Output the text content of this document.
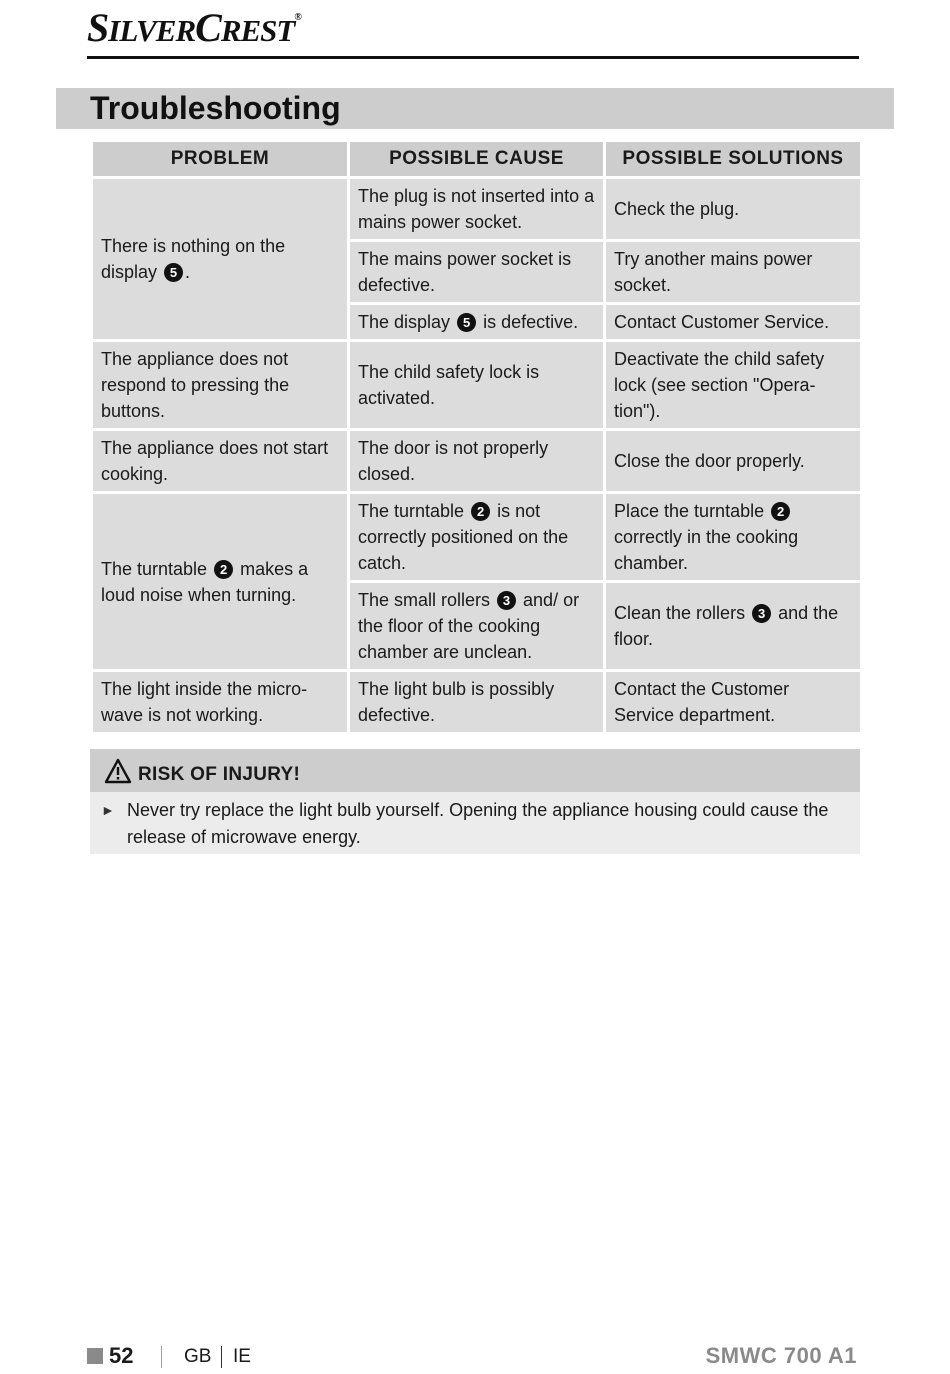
SILVERCREST®
Troubleshooting
PROBLEM	POSSIBLE CAUSE	POSSIBLE SOLUTIONS
There is nothing on the display 5 .	The plug is not inserted into a mains power socket.	Check the plug.
	The mains power socket is defective.	Try another mains power socket.
	The display 5 is defective.	Contact Customer Service.
The appliance does not respond to pressing the buttons.	The child safety lock is activated.	Deactivate the child safety lock (see section "Opera-tion").
The appliance does not start cooking.	The door is not properly closed.	Close the door properly.
The turntable 2 makes a loud noise when turning.	The turntable 2 is not correctly positioned on the catch.	Place the turntable 2 correctly in the cooking chamber.
	The small rollers 3 and/ or the floor of the cooking chamber are unclean.	Clean the rollers 3 and the floor.
The light inside the micro-wave is not working.	The light bulb is possibly defective.	Contact the Customer Service department.
RISK OF INJURY!
► Never try replace the light bulb yourself. Opening the appliance housing could cause the release of microwave energy.
52	GB IE	SMWC 700 A1
